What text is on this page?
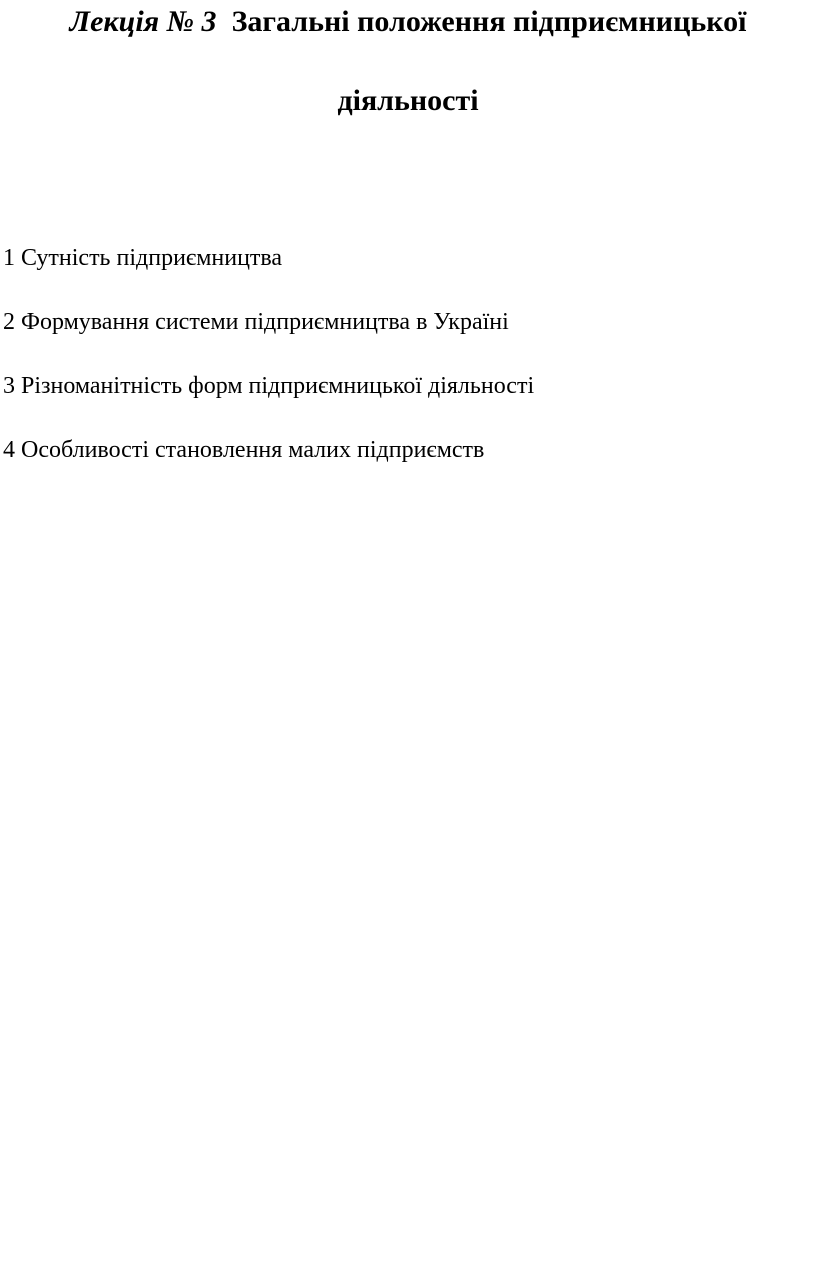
Лекція № 3 Загальні положення підприємницької
діяльності
1 Сутність підприємництва
2 Формування системи підприємництва в Україні
3 Різноманітність форм підприємницької діяльності
4 Особливості становлення малих підприємств
